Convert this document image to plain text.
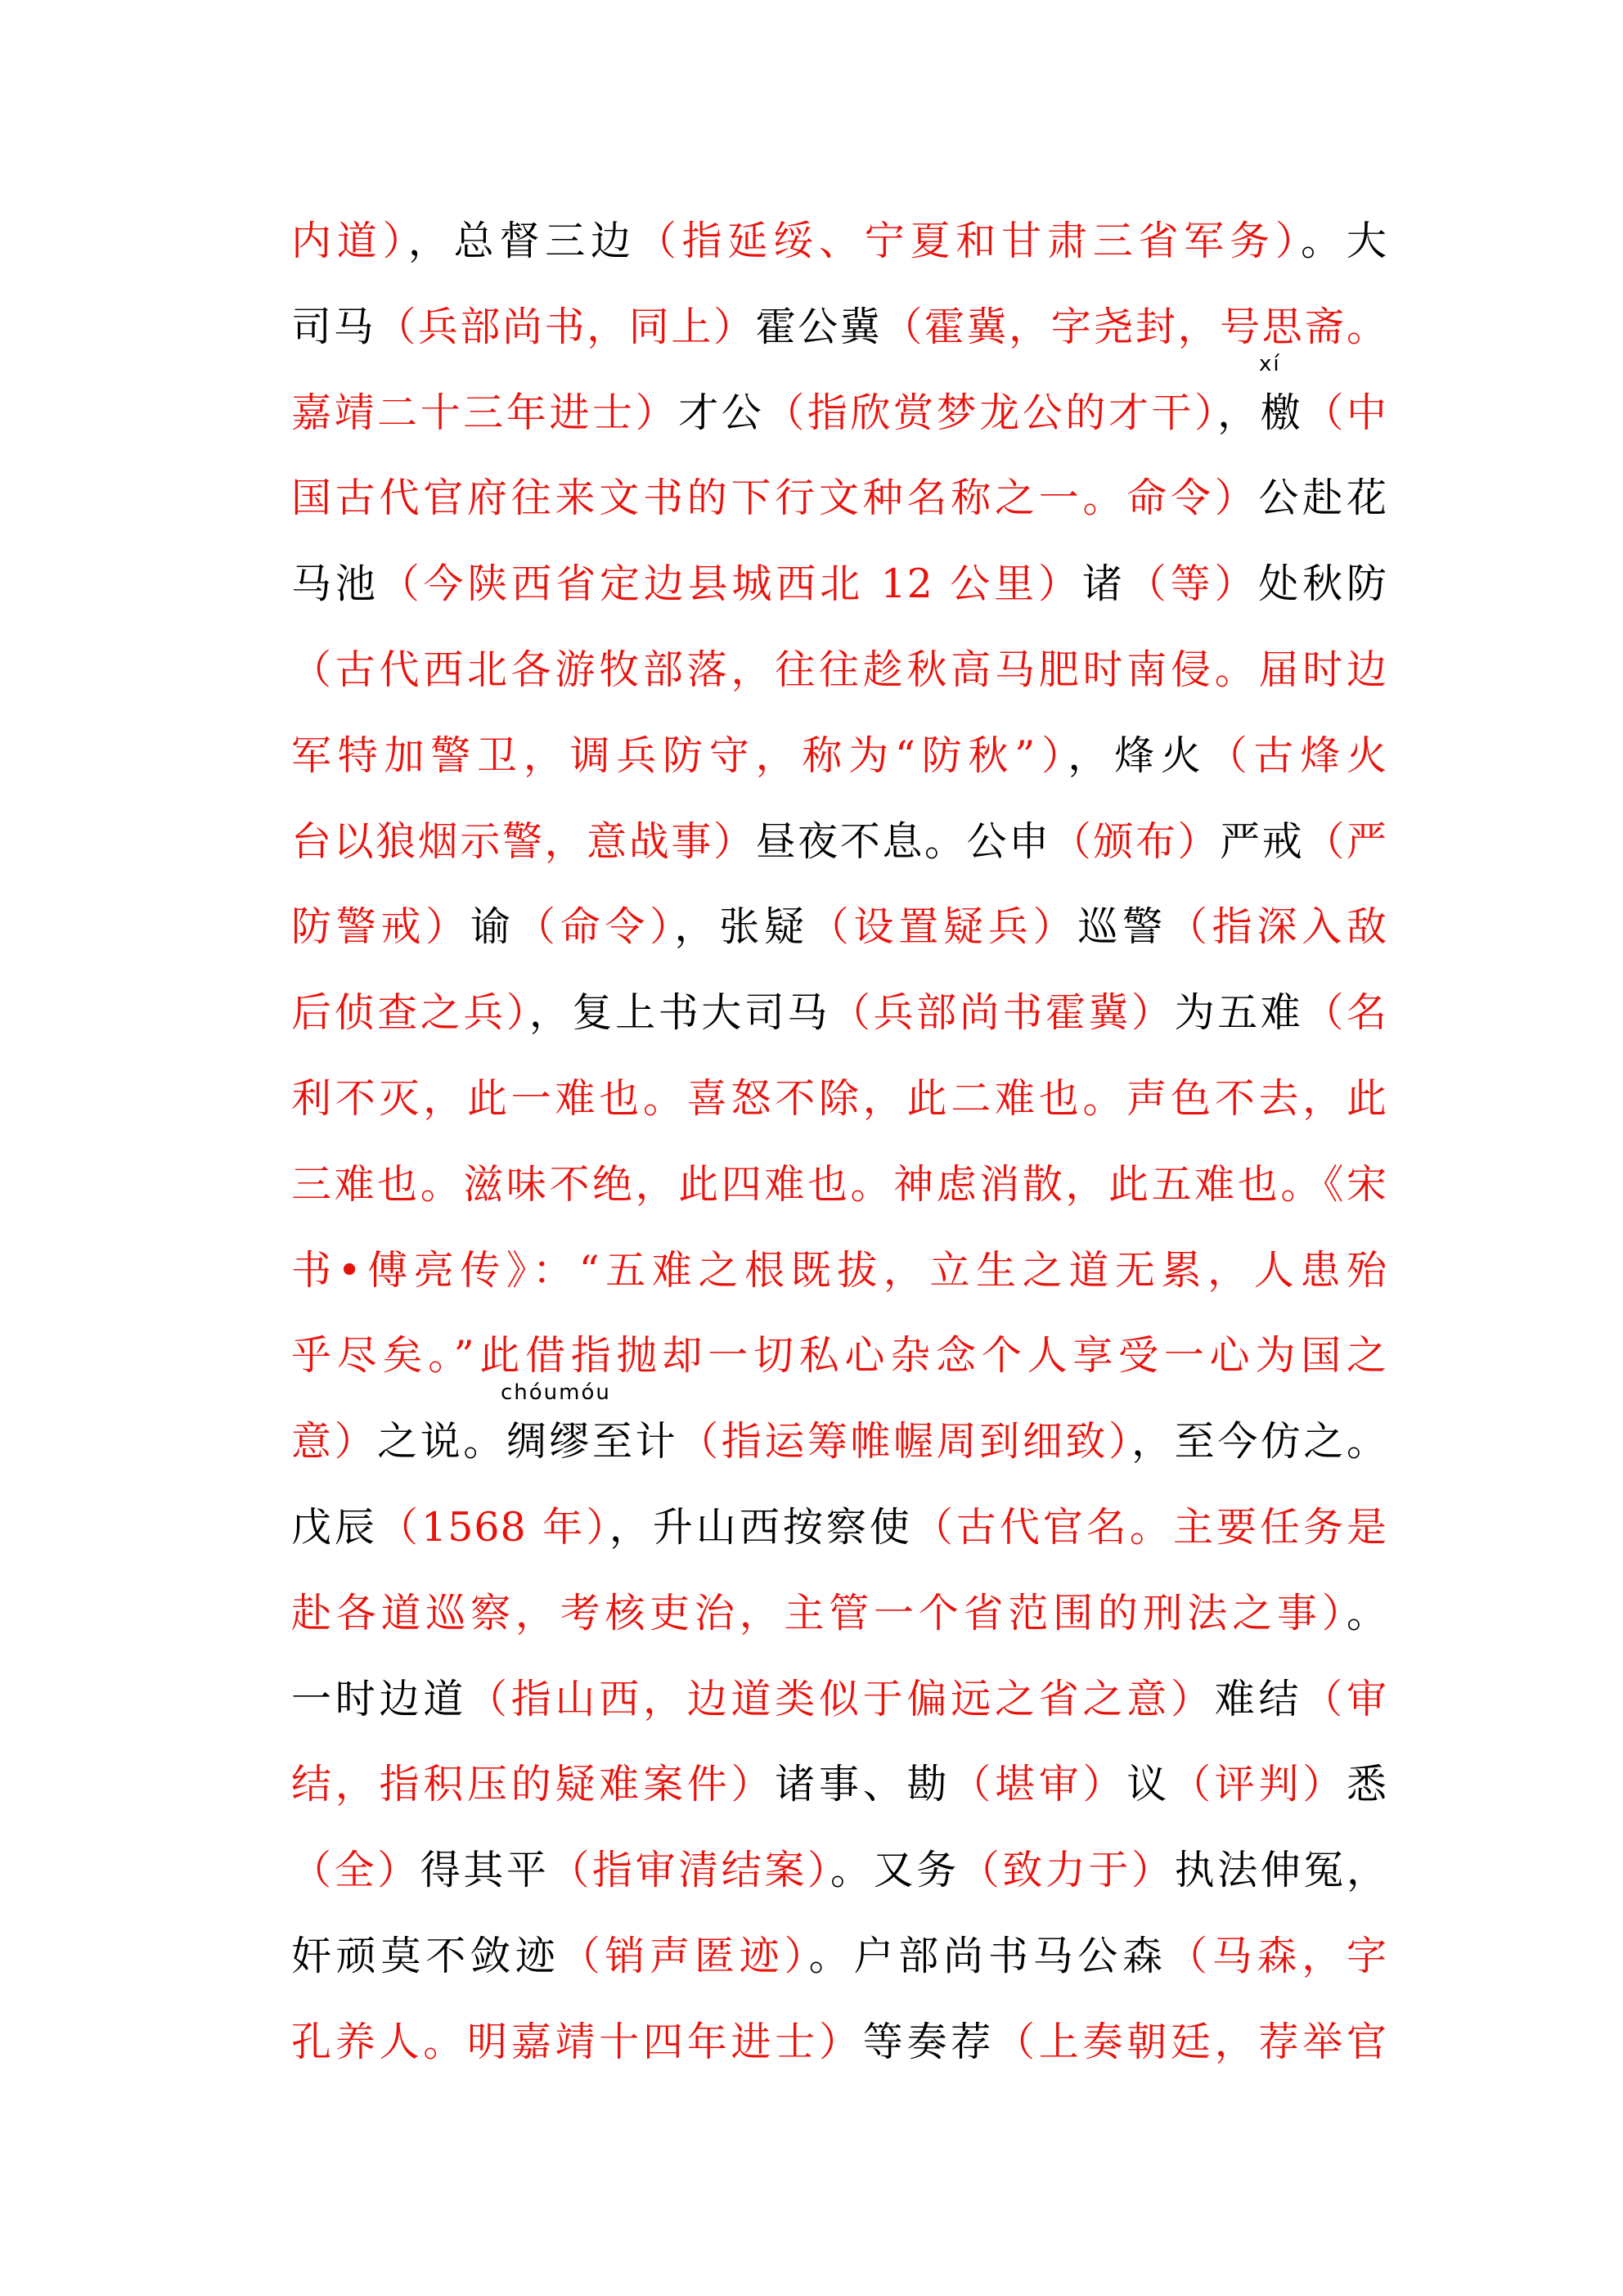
内道），总督三边（指延绥、宁夏和甘肃三省军务）。大
司马（兵部尚书，同上）霍公冀（霍冀，字尧封，号思斋。
xí
嘉靖二十三年进士）才公（指欣赏梦龙公的才干），檄（中
国古代官府往来文书的下行文种名称之一。命令）公赴花
马池（今陕西省定边县城西北 12 公里）诸（等）处秋防
（古代西北各游牧部落，往往趁秋高马肥时南侵。届时边
军特加警卫，调兵防守，称为“防秋”），烽火（古烽火
台以狼烟示警，意战事）昼夜不息。公申（颁布）严戒（严
防警戒）谕（命令），张疑（设置疑兵）巡警（指深入敌
后侦查之兵），复上书大司马（兵部尚书霍冀）为五难（名
利不灭，此一难也。喜怒不除，此二难也。声色不去，此
三难也。滋味不绝，此四难也。神虑消散，此五难也。《宋
书•傅亮传》：“五难之根既拔，立生之道无累，人患殆
乎尽矣。”此借指抛却一切私心杂念个人享受一心为国之
chóumóu
意）之说。绸缪至计（指运筹帷幄周到细致），至今仿之。
戊辰（1568 年），升山西按察使（古代官名。主要任务是
赴各道巡察，考核吏治，主管一个省范围的刑法之事）。
一时边道（指山西，边道类似于偏远之省之意）难结（审
结，指积压的疑难案件）诸事、勘（堪审）议（评判）悉
（全）得其平（指审清结案）。又务（致力于）执法伸冤，
奸顽莫不敛迹（销声匿迹）。户部尚书马公森（马森，字
孔养人。明嘉靖十四年进士）等奏荐（上奏朝廷，荐举官
